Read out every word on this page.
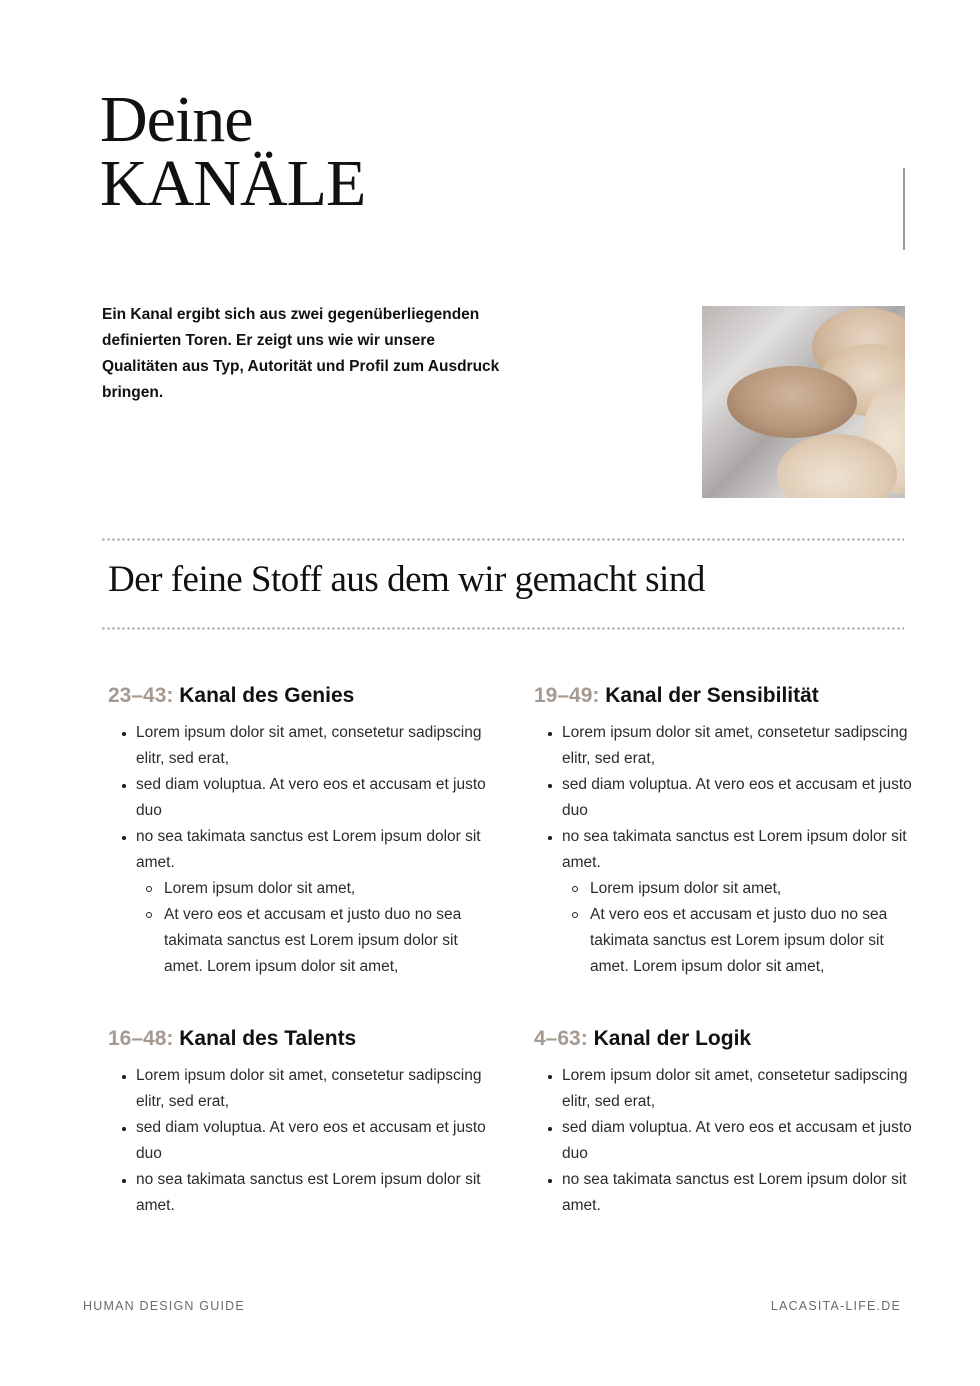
Deine
KANÄLE

Ein Kanal ergibt sich aus zwei gegenüberliegenden definierten Toren. Er zeigt uns wie wir unsere Qualitäten aus Typ, Autorität und Profil zum Ausdruck bringen.

Der feine Stoff aus dem wir gemacht sind
23–43: Kanal des Genies
Lorem ipsum dolor sit amet, consetetur sadipscing elitr, sed erat,
sed diam voluptua. At vero eos et accusam et justo duo
no sea takimata sanctus est Lorem ipsum dolor sit amet.
Lorem ipsum dolor sit amet,
At vero eos et accusam et justo duo no sea takimata sanctus est Lorem ipsum dolor sit amet. Lorem ipsum dolor sit amet,
19–49: Kanal der Sensibilität
Lorem ipsum dolor sit amet, consetetur sadipscing elitr, sed erat,
sed diam voluptua. At vero eos et accusam et justo duo
no sea takimata sanctus est Lorem ipsum dolor sit amet.
Lorem ipsum dolor sit amet,
At vero eos et accusam et justo duo no sea takimata sanctus est Lorem ipsum dolor sit amet. Lorem ipsum dolor sit amet,
16–48: Kanal des Talents
Lorem ipsum dolor sit amet, consetetur sadipscing elitr, sed erat,
sed diam voluptua. At vero eos et accusam et justo duo
no sea takimata sanctus est Lorem ipsum dolor sit amet.
4–63: Kanal der Logik
Lorem ipsum dolor sit amet, consetetur sadipscing elitr, sed erat,
sed diam voluptua. At vero eos et accusam et justo duo
no sea takimata sanctus est Lorem ipsum dolor sit amet.
HUMAN DESIGN GUIDE	LACASITA-LIFE.DE
